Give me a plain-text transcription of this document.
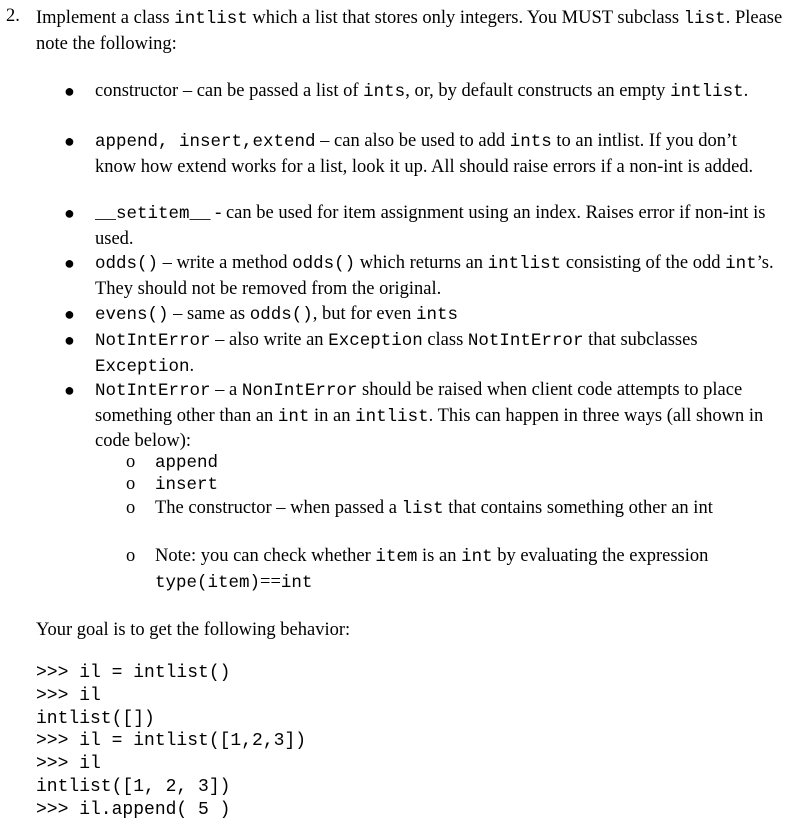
2. Implement a class intlist which a list that stores only integers. You MUST subclass list. Please note the following:
● constructor – can be passed a list of ints, or, by default constructs an empty intlist.
● append, insert,extend – can also be used to add ints to an intlist. If you don’t know how extend works for a list, look it up. All should raise errors if a non-int is added.
● __setitem__ - can be used for item assignment using an index. Raises error if non-int is used.
● odds() – write a method odds() which returns an intlist consisting of the odd int’s. They should not be removed from the original.
● evens() – same as odds(), but for even ints
● NotIntError – also write an Exception class NotIntError that subclasses Exception.
● NotIntError – a NonIntError should be raised when client code attempts to place something other than an int in an intlist. This can happen in three ways (all shown in code below):
o append
o insert
o The constructor – when passed a list that contains something other an int
o Note: you can check whether item is an int by evaluating the expression type(item)==int
Your goal is to get the following behavior:
>>> il = intlist()
>>> il
intlist([])
>>> il = intlist([1,2,3])
>>> il
intlist([1, 2, 3])
>>> il.append( 5 )
